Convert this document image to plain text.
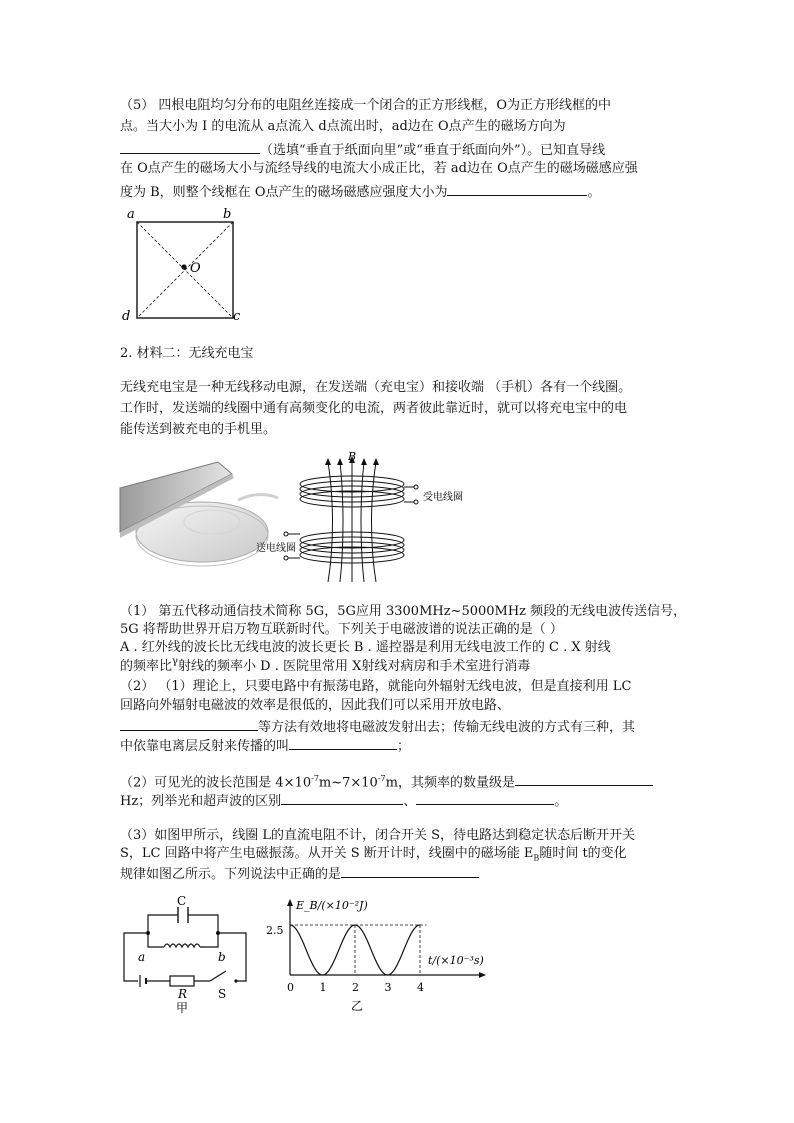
（5） 四根电阻均匀分布的电阻丝连接成一个闭合的正方形线框，O为正方形线框的中
点。当大小为 I 的电流从 a点流入 d点流出时，ad边在 O点产生的磁场方向为
（选填“垂直于纸面向里”或“垂直于纸面向外”）。已知直导线
在 O点产生的磁场大小与流经导线的电流大小成正比，若 ad边在 O点产生的磁场磁感应强
度为 B，则整个线框在 O点产生的磁场磁感应强度大小为	。
a	b
d	c
O
2. 材料二：无线充电宝
无线充电宝是一种无线移动电源，在发送端（充电宝）和接收端 （手机）各有一个线圈。
工作时，发送端的线圈中通有高频变化的电流，两者彼此靠近时，就可以将充电宝中的电
能传送到被充电的手机里。
B
受电线圈
送电线圈
（1） 第五代移动通信技术简称 5G，5G应用 3300MHz~5000MHz 频段的无线电波传送信号，
5G 将帮助世界开启万物互联新时代。下列关于电磁波谱的说法正确的是（ ）
A . 红外线的波长比无线电波的波长更长 B . 遥控器是利用无线电波工作的 C . X 射线
的频率比$^\gamma$射线的频率小 D . 医院里常用 X射线对病房和手术室进行消毒
（2） （1）理论上，只要电路中有振荡电路，就能向外辐射无线电波，但是直接利用 LC
回路向外辐射电磁波的效率是很低的，因此我们可以采用开放电路、
等方法有效地将电磁波发射出去；传输无线电波的方式有三种，其
中依靠电离层反射来传播的叫	；
（2）可见光的波长范围是 $4\times 10^{-7}m\sim 7\times 10^{-7}m$，其频率的数量级是
Hz；列举光和超声波的区别	、	。
（3）如图甲所示，线圈 L的直流电阻不计，闭合开关 S，待电路达到稳定状态后断开开关
S，LC 回路中将产生电磁振荡。从开关 S 断开计时，线圈中的磁场能 $E_B$随时间 t的变化
规律如图乙所示。下列说法中正确的是
C
a	b
R	S
甲
E_B/(×10⁻²J)
t/(×10⁻³s)
2.5
0 1 2 3 4
乙
